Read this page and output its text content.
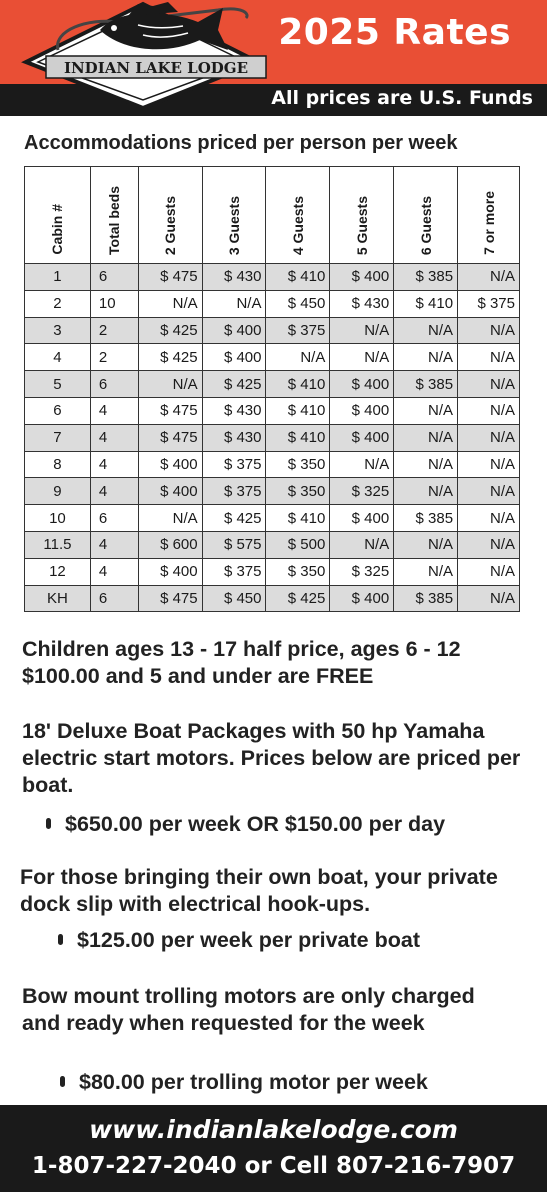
INDIAN LAKE LODGE
2025 Rates
All prices are U.S. Funds
Accommodations priced per person per week
Cabin #	Total beds	2 Guests	3 Guests	4 Guests	5 Guests	6 Guests	7 or more
1	6	$ 475	$ 430	$ 410	$ 400	$ 385	N/A
2	10	N/A	N/A	$ 450	$ 430	$ 410	$ 375
3	2	$ 425	$ 400	$ 375	N/A	N/A	N/A
4	2	$ 425	$ 400	N/A	N/A	N/A	N/A
5	6	N/A	$ 425	$ 410	$ 400	$ 385	N/A
6	4	$ 475	$ 430	$ 410	$ 400	N/A	N/A
7	4	$ 475	$ 430	$ 410	$ 400	N/A	N/A
8	4	$ 400	$ 375	$ 350	N/A	N/A	N/A
9	4	$ 400	$ 375	$ 350	$ 325	N/A	N/A
10	6	N/A	$ 425	$ 410	$ 400	$ 385	N/A
11.5	4	$ 600	$ 575	$ 500	N/A	N/A	N/A
12	4	$ 400	$ 375	$ 350	$ 325	N/A	N/A
KH	6	$ 475	$ 450	$ 425	$ 400	$ 385	N/A

Children ages 13 - 17 half price, ages 6 - 12 $100.00 and 5 and under are FREE

18' Deluxe Boat Packages with 50 hp Yamaha electric start motors. Prices below are priced per boat.

$650.00 per week OR $150.00 per day

For those bringing their own boat, your private dock slip with electrical hook-ups.

$125.00 per week per private boat

Bow mount trolling motors are only charged and ready when requested for the week

$80.00 per trolling motor per week
www.indianlakelodge.com
1-807-227-2040 or Cell 807-216-7907
